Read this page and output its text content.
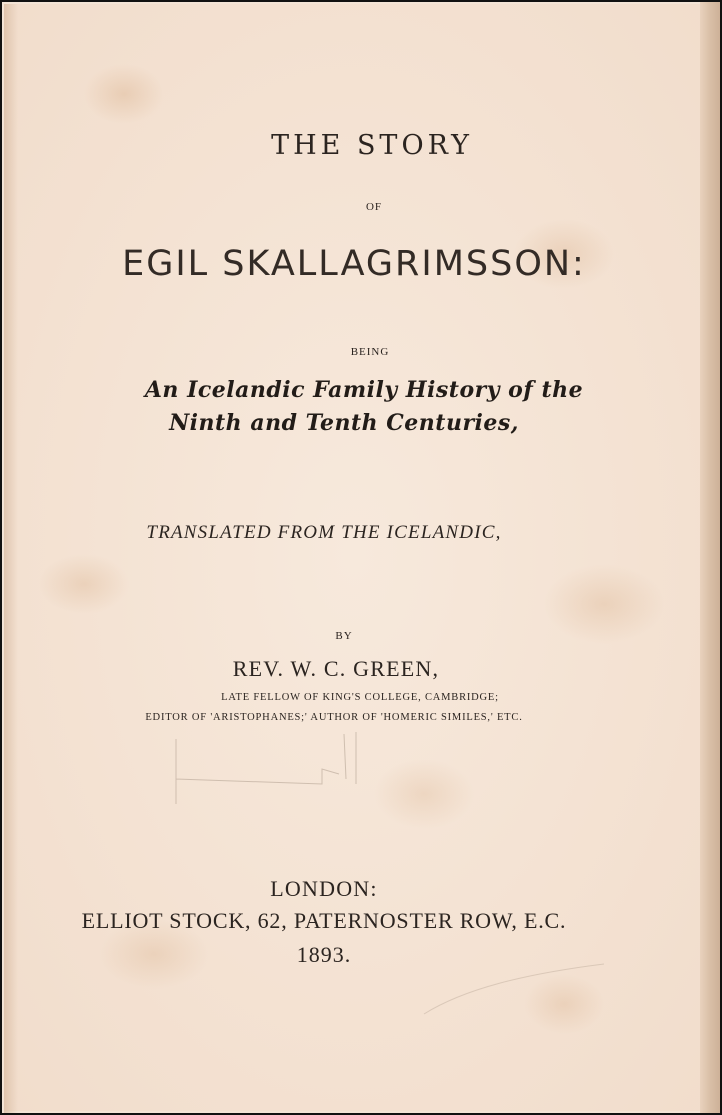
THE STORY
OF
EGIL SKALLAGRIMSSON:
BEING
An Icelandic Family History of the
Ninth and Tenth Centuries,
TRANSLATED FROM THE ICELANDIC,
BY
REV. W. C. GREEN,
LATE FELLOW OF KING'S COLLEGE, CAMBRIDGE;
EDITOR OF 'ARISTOPHANES;' AUTHOR OF 'HOMERIC SIMILES,' ETC.
LONDON:
ELLIOT STOCK, 62, PATERNOSTER ROW, E.C.
1893.
